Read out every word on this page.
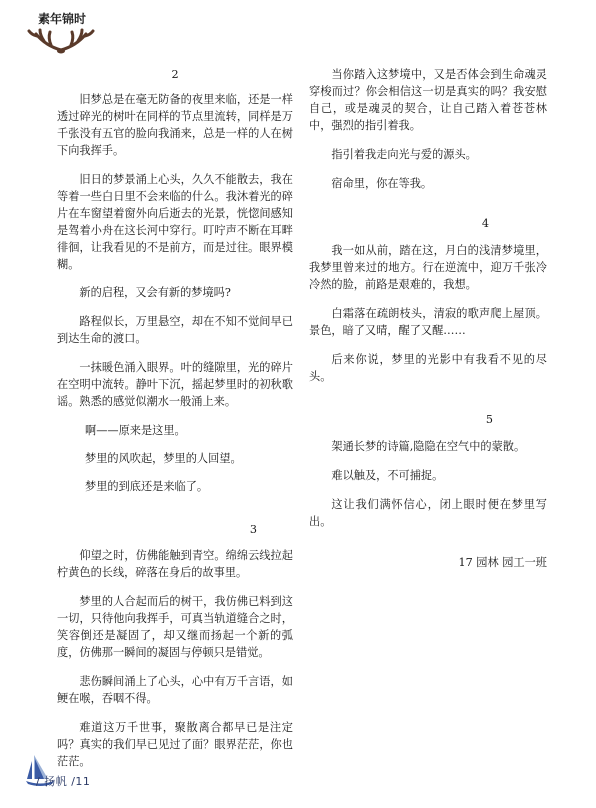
素年锦时
2

旧梦总是在毫无防备的夜里来临，还是一样透过碎光的树叶在同样的节点里流转，同样是万千张没有五官的脸向我涌来，总是一样的人在树下向我挥手。

旧日的梦景涌上心头，久久不能散去，我在等着一些白日里不会来临的什么。我沐着光的碎片在车窗望着窗外向后逝去的光景，恍惚间感知是驾着小舟在这长河中穿行。叮咛声不断在耳畔徘徊，让我看见的不是前方，而是过往。眼界模糊。

新的启程，又会有新的梦境吗?

路程似长，万里悬空，却在不知不觉间早已到达生命的渡口。

一抹暖色涌入眼界。叶的缝隙里，光的碎片在空明中流转。静叶下沉，摇起梦里时的初秋歌谣。熟悉的感觉似潮水一般涌上来。

啊——原来是这里。

梦里的风吹起，梦里的人回望。

梦里的到底还是来临了。

3

仰望之时，仿佛能触到青空。绵绵云线拉起柠黄色的长线，碎落在身后的故事里。

梦里的人合起而后的树干，我仿佛已料到这一切，只待他向我挥手，可真当轨道缝合之时，笑容倒还是凝固了，却又继而扬起一个新的弧度，仿佛那一瞬间的凝固与停顿只是错觉。

悲伤瞬间涌上了心头，心中有万千言语，如鲠在喉，吞咽不得。

难道这万千世事，聚散离合都早已是注定吗？真实的我们早已见过了面？眼界茫茫，你也茫茫。

当你踏入这梦境中，又是否体会到生命魂灵穿梭而过？你会相信这一切是真实的吗？我安慰自己，或是魂灵的契合，让自己踏入着苍苍林中，强烈的指引着我。

指引着我走向光与爱的源头。

宿命里，你在等我。

4

我一如从前，踏在这，月白的浅清梦境里，我梦里曾来过的地方。行在逆流中，迎万千张冷冷然的脸，前路是艰难的，我想。

白霜落在疏朗枝头，清寂的歌声爬上屋顶。景色，暗了又晴，醒了又醒……

后来你说，梦里的光影中有我看不见的尽头。

5

架通长梦的诗篇,隐隐在空气中的蒙散。

难以触及，不可捕捉。

这让我们满怀信心，闭上眼时便在梦里写出。

17 园林 园工一班

/ 扬帆 /11
